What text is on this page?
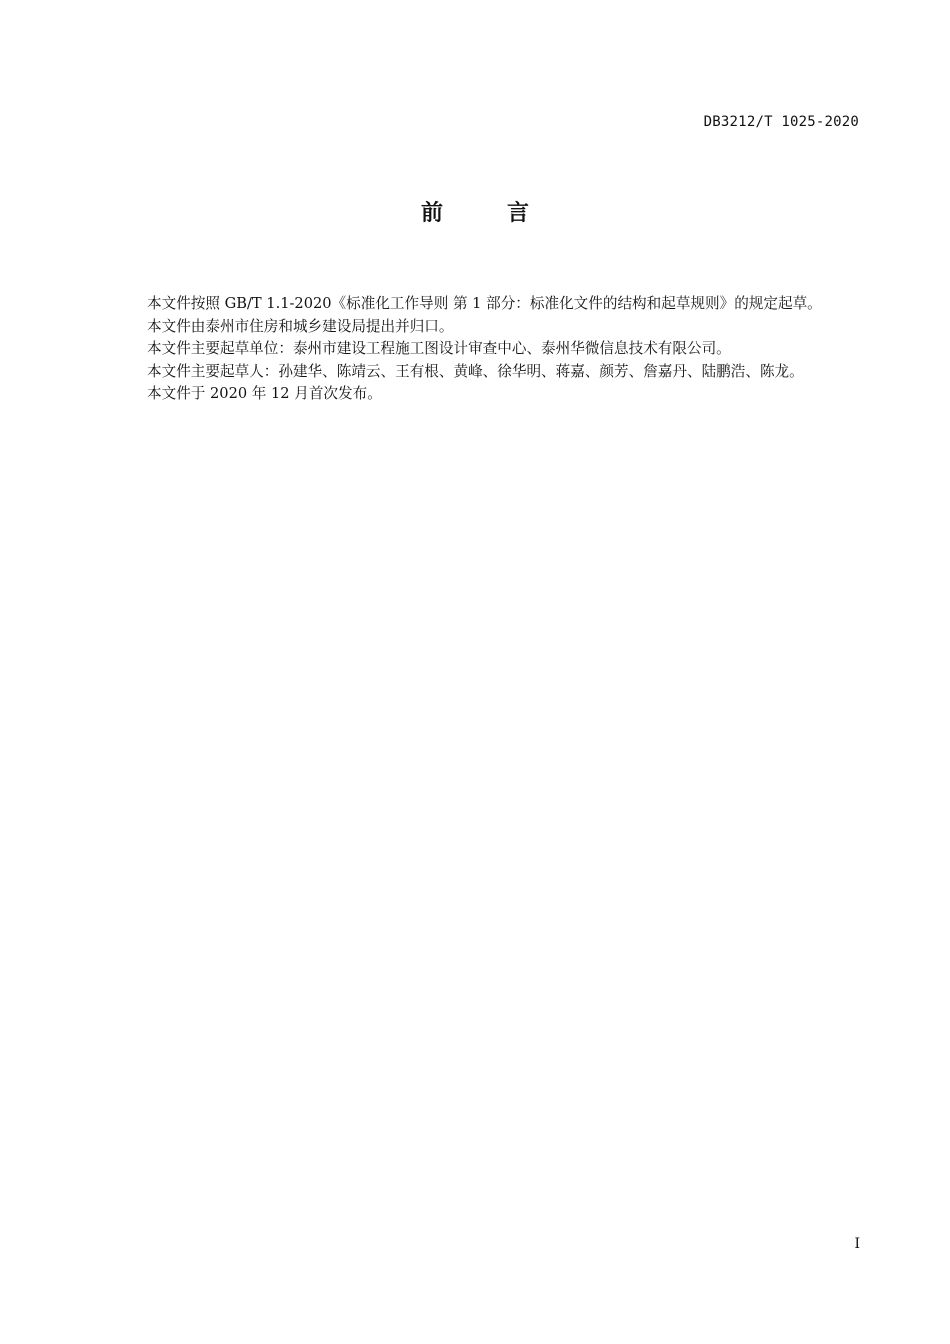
DB3212/T 1025-2020
前	言

本文件按照 GB/T 1.1-2020《标准化工作导则 第 1 部分：标准化文件的结构和起草规则》的规定起草。

本文件由泰州市住房和城乡建设局提出并归口。

本文件主要起草单位：泰州市建设工程施工图设计审查中心、泰州华微信息技术有限公司。

本文件主要起草人：孙建华、陈靖云、王有根、黄峰、徐华明、蒋嘉、颜芳、詹嘉丹、陆鹏浩、陈龙。

本文件于 2020 年 12 月首次发布。

I
